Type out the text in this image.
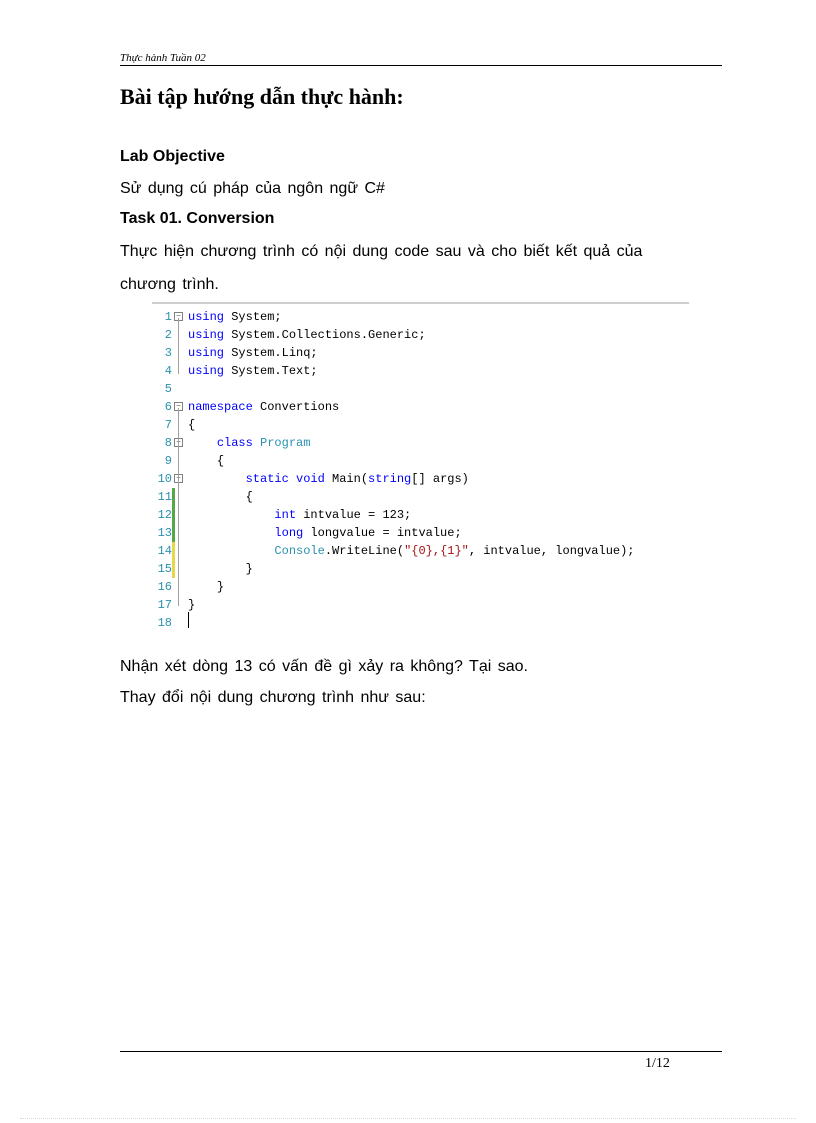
Thực hành Tuần 02
Bài tập hướng dẫn thực hành:
Lab Objective
Sử dụng cú pháp của ngôn ngữ C#
Task 01. Conversion
Thực hiện chương trình có nội dung code sau và cho biết kết quả của chương trình.
1 − using System;
2 using System.Collections.Generic;
3 using System.Linq;
4 using System.Text;
5
6 − namespace Convertions
7 {
8 −	class Program
9	{
10 −	static void Main(string[] args)
11	{
12	int intvalue = 123;
13	long longvalue = intvalue;
14	Console.WriteLine("{0},{1}", intvalue, longvalue);
15	}
16	}
17 }
18
Nhận xét dòng 13 có vấn đề gì xảy ra không? Tại sao.
Thay đổi nội dung chương trình như sau:
1/12
